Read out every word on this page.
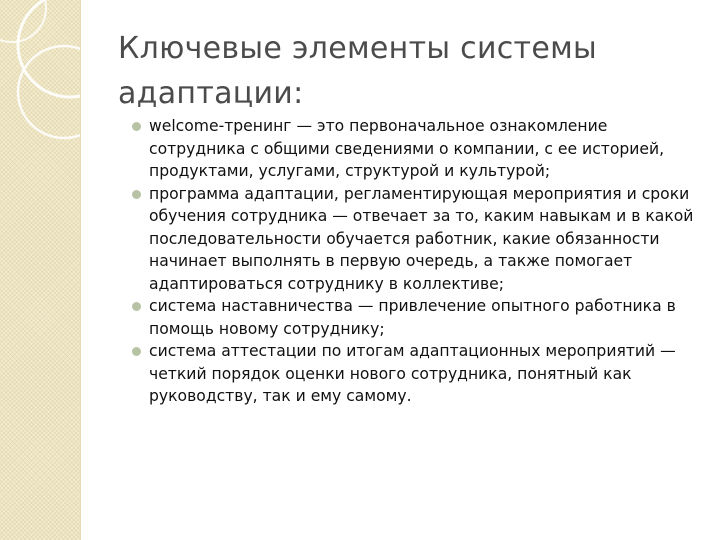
Ключевые элементы системы адаптации:
welcome-тренинг — это первоначальное ознакомление сотрудника с общими сведениями о компании, с ее историей, продуктами, услугами, структурой и культурой;
программа адаптации, регламентирующая мероприятия и сроки обучения сотрудника — отвечает за то, каким навыкам и в какой последовательности обучается работник, какие обязанности начинает выполнять в первую очередь, а также помогает адаптироваться сотруднику в коллективе;
система наставничества — привлечение опытного работника в помощь новому сотруднику;
система аттестации по итогам адаптационных мероприятий — четкий порядок оценки нового сотрудника, понятный как руководству, так и ему самому.
